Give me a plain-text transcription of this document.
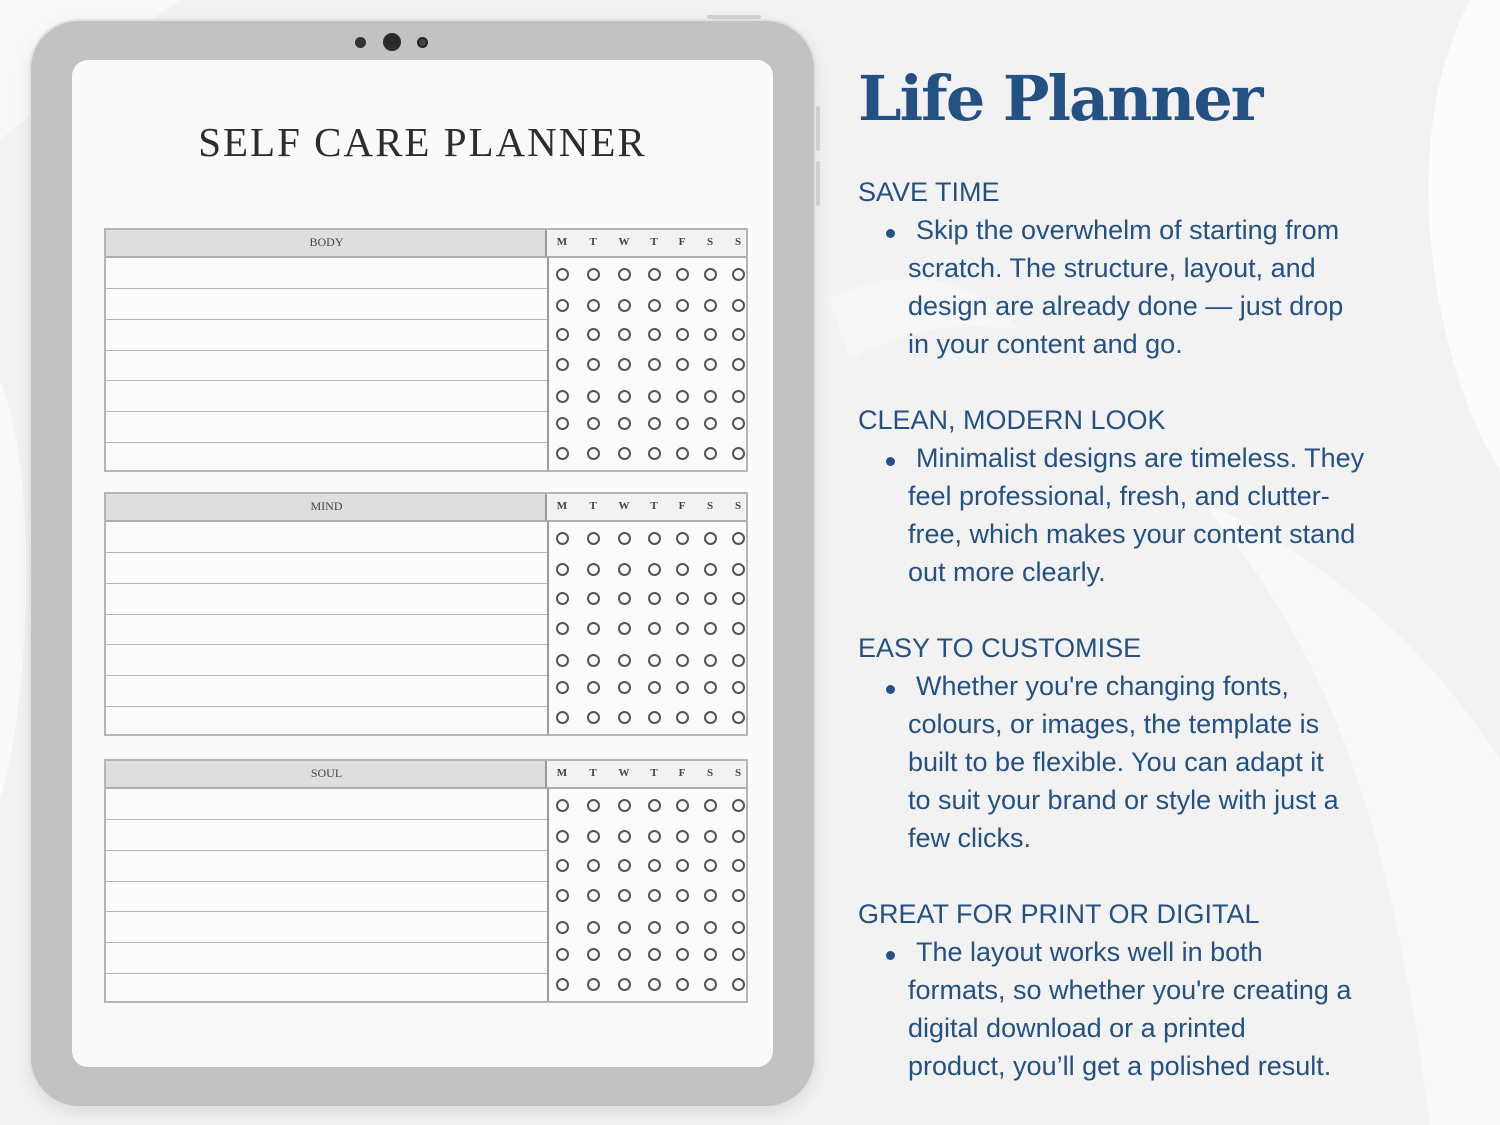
SELF CARE PLANNER
BODY	M	T	W	T	F	S	S
MIND	M	T	W	T	F	S	S
SOUL	M	T	W	T	F	S	S
Life Planner
SAVE TIME
Skip the overwhelm of starting from
scratch. The structure, layout, and
design are already done — just drop
in your content and go.
CLEAN, MODERN LOOK
Minimalist designs are timeless. They
feel professional, fresh, and clutter-
free, which makes your content stand
out more clearly.
EASY TO CUSTOMISE
Whether you're changing fonts,
colours, or images, the template is
built to be flexible. You can adapt it
to suit your brand or style with just a
few clicks.
GREAT FOR PRINT OR DIGITAL
The layout works well in both
formats, so whether you're creating a
digital download or a printed
product, you’ll get a polished result.
